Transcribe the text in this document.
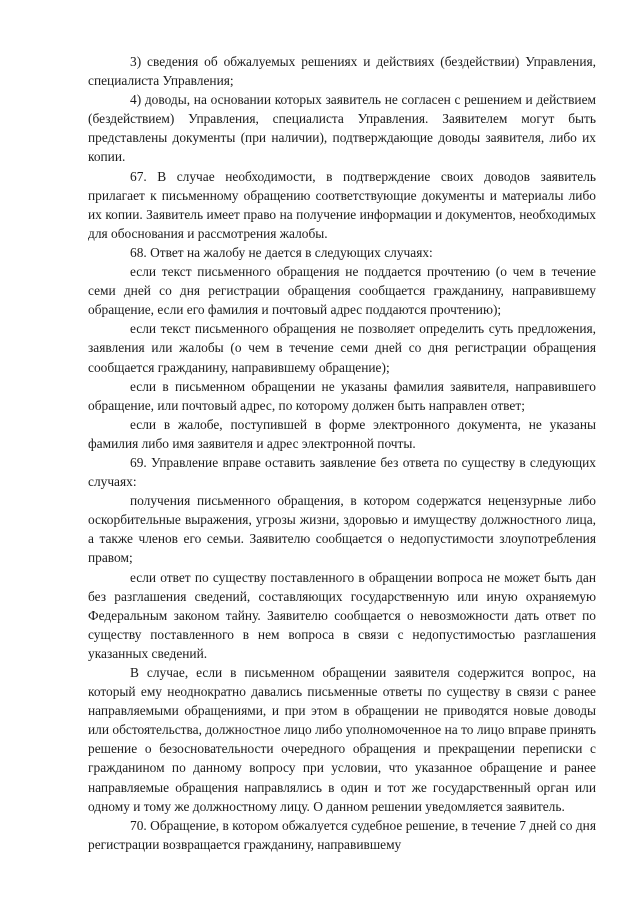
3) сведения об обжалуемых решениях и действиях (бездействии) Управления, специалиста Управления;

4) доводы, на основании которых заявитель не согласен с решением и действием (бездействием) Управления, специалиста Управления. Заявителем могут быть представлены документы (при наличии), подтверждающие доводы заявителя, либо их копии.

67. В случае необходимости, в подтверждение своих доводов заявитель прилагает к письменному обращению соответствующие документы и материалы либо их копии. Заявитель имеет право на получение информации и документов, необходимых для обоснования и рассмотрения жалобы.

68. Ответ на жалобу не дается в следующих случаях:

если текст письменного обращения не поддается прочтению (о чем в течение семи дней со дня регистрации обращения сообщается гражданину, направившему обращение, если его фамилия и почтовый адрес поддаются прочтению);

если текст письменного обращения не позволяет определить суть предложения, заявления или жалобы (о чем в течение семи дней со дня регистрации обращения сообщается гражданину, направившему обращение);

если в письменном обращении не указаны фамилия заявителя, направившего обращение, или почтовый адрес, по которому должен быть направлен ответ;

если в жалобе, поступившей в форме электронного документа, не указаны фамилия либо имя заявителя и адрес электронной почты.

69. Управление вправе оставить заявление без ответа по существу в следующих случаях:

получения письменного обращения, в котором содержатся нецензурные либо оскорбительные выражения, угрозы жизни, здоровью и имуществу должностного лица, а также членов его семьи. Заявителю сообщается о недопустимости злоупотребления правом;

если ответ по существу поставленного в обращении вопроса не может быть дан без разглашения сведений, составляющих государственную или иную охраняемую Федеральным законом тайну. Заявителю сообщается о невозможности дать ответ по существу поставленного в нем вопроса в связи с недопустимостью разглашения указанных сведений.

В случае, если в письменном обращении заявителя содержится вопрос, на который ему неоднократно давались письменные ответы по существу в связи с ранее направляемыми обращениями, и при этом в обращении не приводятся новые доводы или обстоятельства, должностное лицо либо уполномоченное на то лицо вправе принять решение о безосновательности очередного обращения и прекращении переписки с гражданином по данному вопросу при условии, что указанное обращение и ранее направляемые обращения направлялись в один и тот же государственный орган или одному и тому же должностному лицу. О данном решении уведомляется заявитель.

70. Обращение, в котором обжалуется судебное решение, в течение 7 дней со дня регистрации возвращается гражданину, направившему
